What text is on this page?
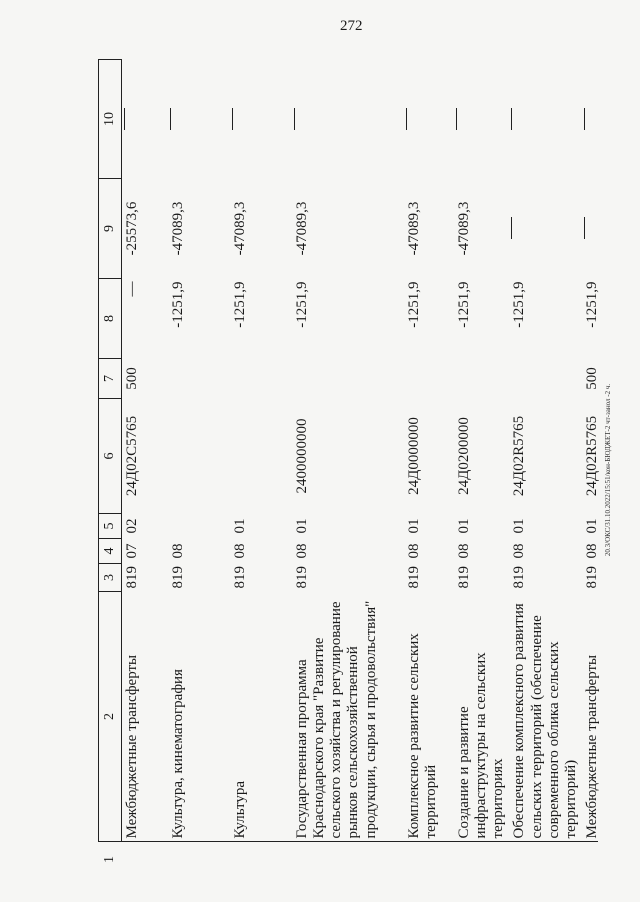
272
20.3/ОКС/31.10.2022/15:51/кон-БЮДЖЕТ-2 чт-занол -2 ч.
1
2	3	4	5	6	7	8	9	10
Межбюджетные трансферты	819	07	02	24Д02С5765	500	—	-25573,6	
Культура, кинематография	819	08				-1251,9	-47089,3	
Культура	819	08	01			-1251,9	-47089,3	
Государственная программа Краснодарского края "Развитие сельского хозяйства и регулирование рынков сельскохозяйственной продукции, сырья и продовольствия"	819	08	01	2400000000		-1251,9	-47089,3	
Комплексное развитие сельских территорий	819	08	01	24Д0000000		-1251,9	-47089,3	
Создание и развитие инфраструктуры на сельских территориях	819	08	01	24Д0200000		-1251,9	-47089,3	
Обеспечение комплексного развития сельских территорий (обеспечение современного облика сельских территорий)	819	08	01	24Д02R5765		-1251,9		
Межбюджетные трансферты	819	08	01	24Д02R5765	500	-1251,9		
